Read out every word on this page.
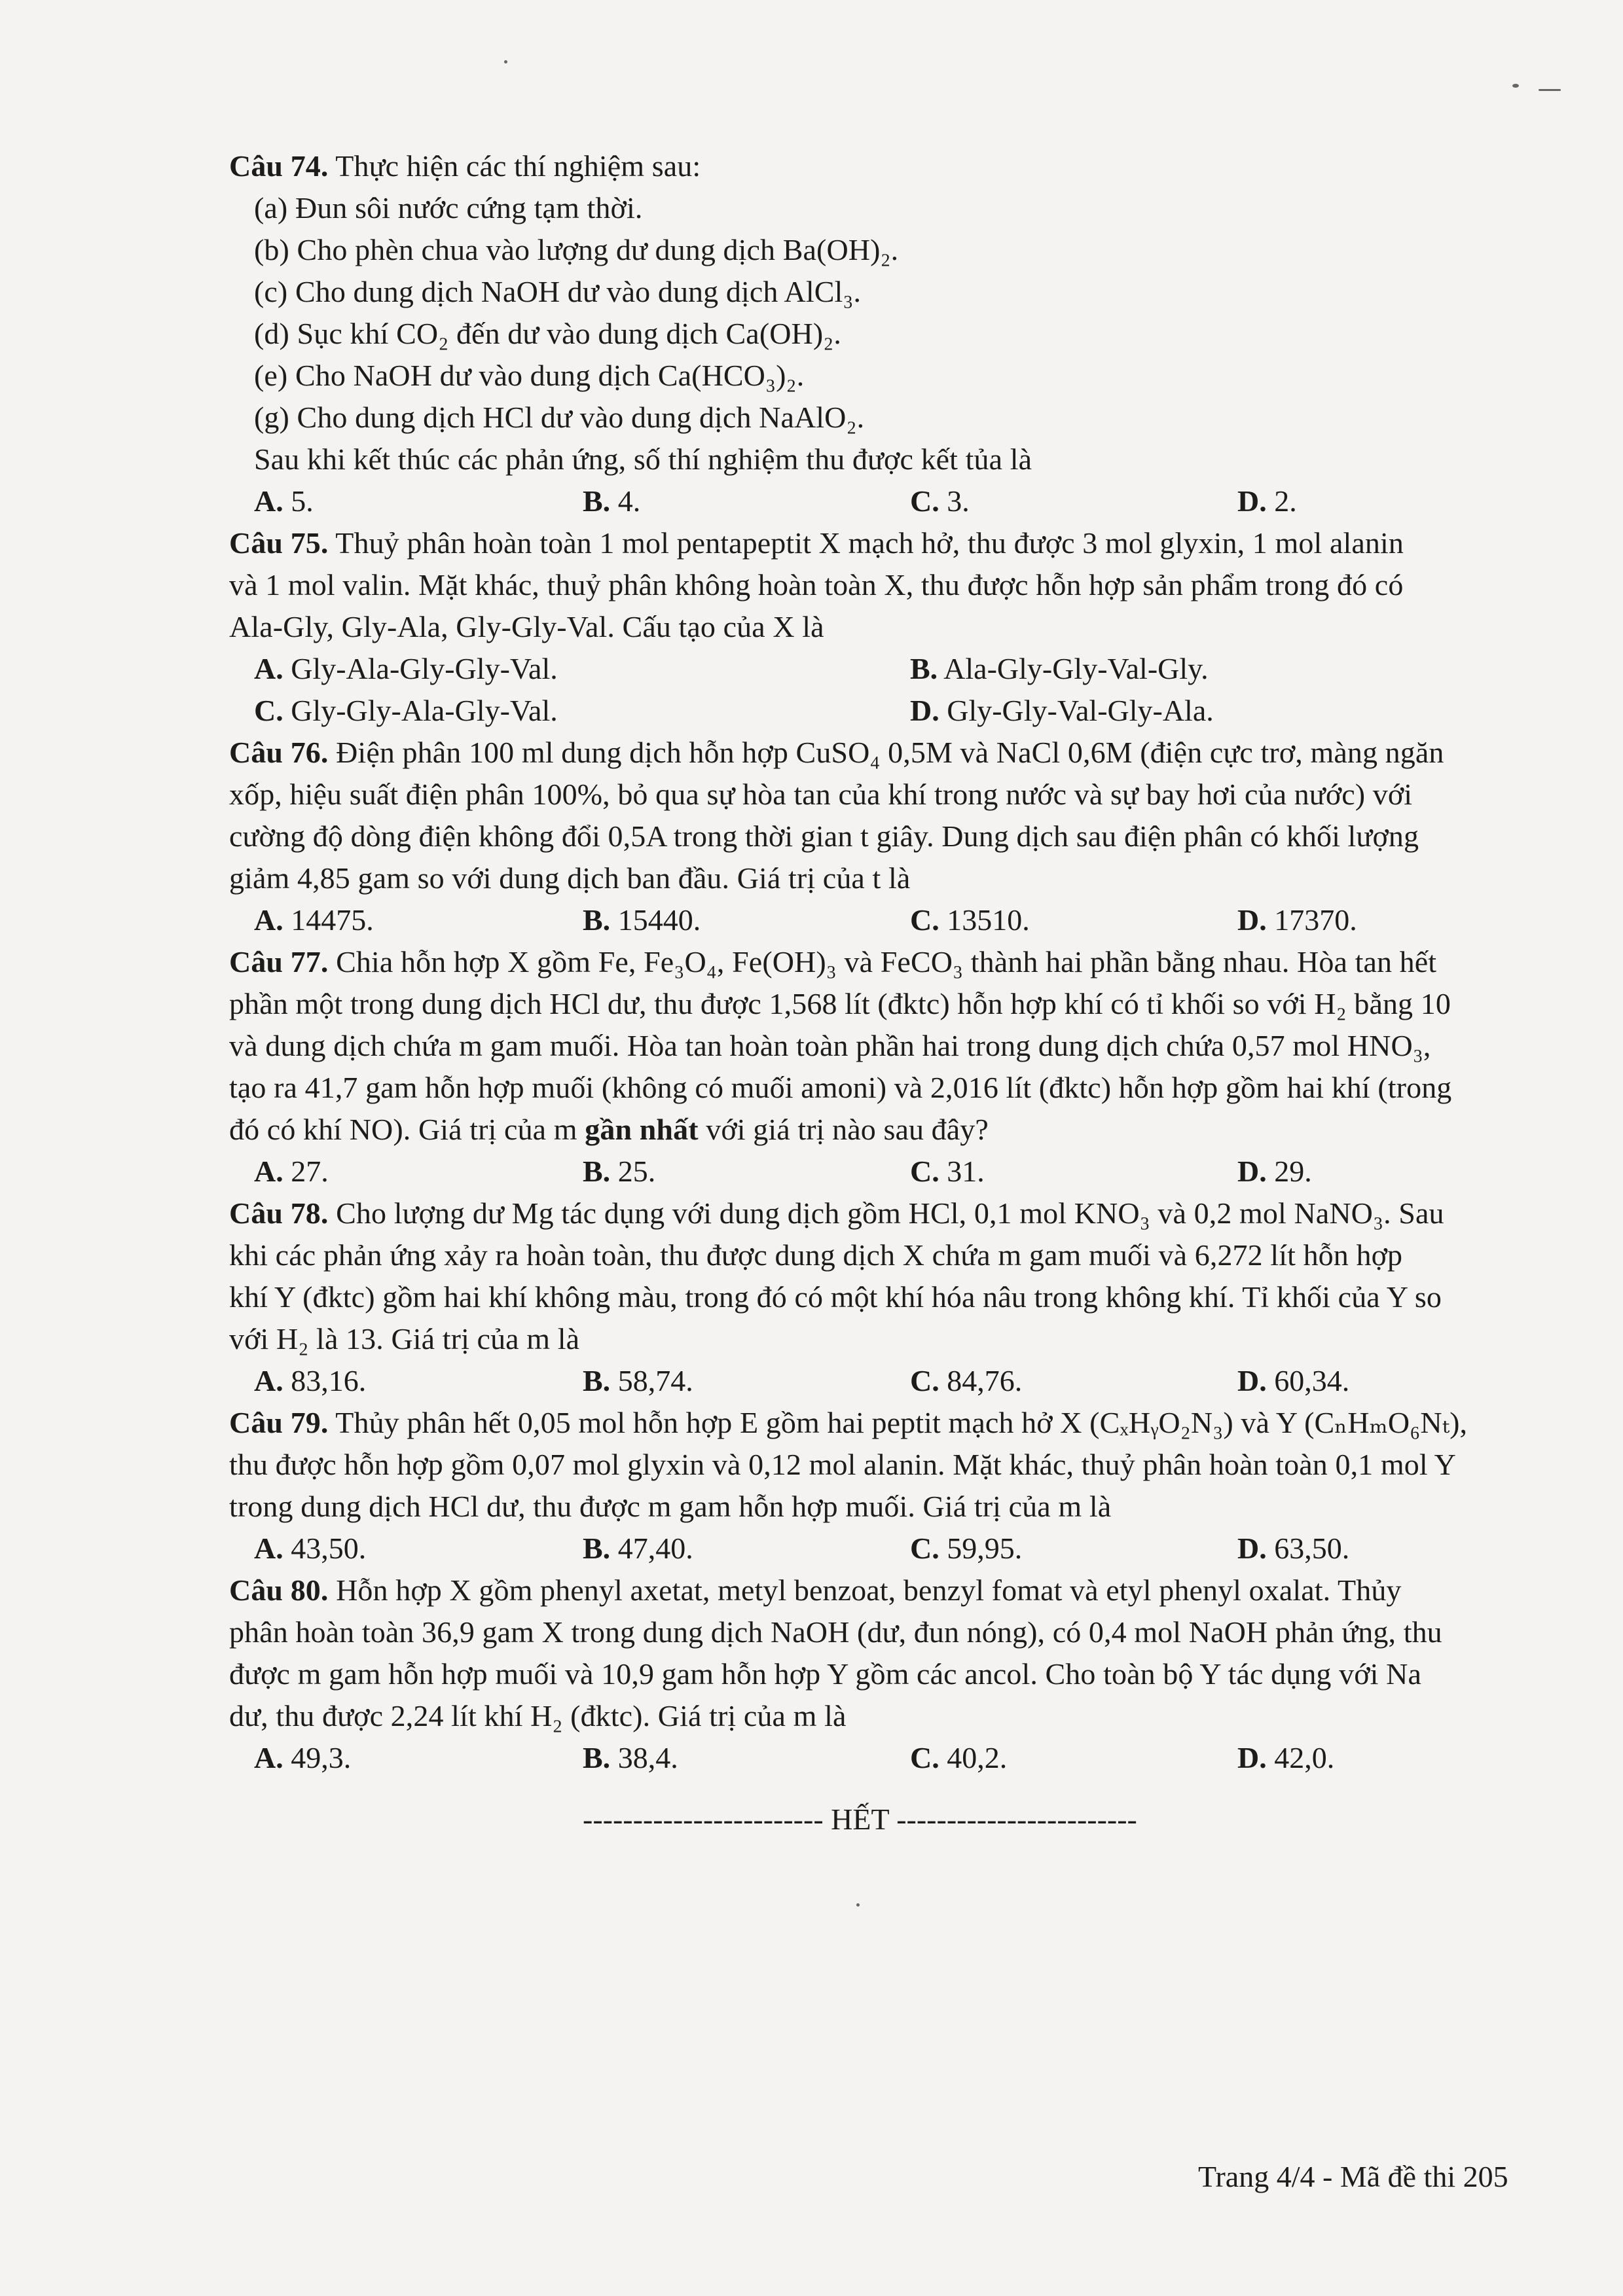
Câu 74. Thực hiện các thí nghiệm sau:
(a) Đun sôi nước cứng tạm thời.
(b) Cho phèn chua vào lượng dư dung dịch Ba(OH)₂.
(c) Cho dung dịch NaOH dư vào dung dịch AlCl₃.
(d) Sục khí CO₂ đến dư vào dung dịch Ca(OH)₂.
(e) Cho NaOH dư vào dung dịch Ca(HCO₃)₂.
(g) Cho dung dịch HCl dư vào dung dịch NaAlO₂.
Sau khi kết thúc các phản ứng, số thí nghiệm thu được kết tủa là
A. 5.	B. 4.	C. 3.	D. 2.
Câu 75. Thuỷ phân hoàn toàn 1 mol pentapeptit X mạch hở, thu được 3 mol glyxin, 1 mol alanin
và 1 mol valin. Mặt khác, thuỷ phân không hoàn toàn X, thu được hỗn hợp sản phẩm trong đó có
Ala-Gly, Gly-Ala, Gly-Gly-Val. Cấu tạo của X là
A. Gly-Ala-Gly-Gly-Val.	B. Ala-Gly-Gly-Val-Gly.
C. Gly-Gly-Ala-Gly-Val.	D. Gly-Gly-Val-Gly-Ala.
Câu 76. Điện phân 100 ml dung dịch hỗn hợp CuSO₄ 0,5M và NaCl 0,6M (điện cực trơ, màng ngăn
xốp, hiệu suất điện phân 100%, bỏ qua sự hòa tan của khí trong nước và sự bay hơi của nước) với
cường độ dòng điện không đổi 0,5A trong thời gian t giây. Dung dịch sau điện phân có khối lượng
giảm 4,85 gam so với dung dịch ban đầu. Giá trị của t là
A. 14475.	B. 15440.	C. 13510.	D. 17370.
Câu 77. Chia hỗn hợp X gồm Fe, Fe₃O₄, Fe(OH)₃ và FeCO₃ thành hai phần bằng nhau. Hòa tan hết
phần một trong dung dịch HCl dư, thu được 1,568 lít (đktc) hỗn hợp khí có tỉ khối so với H₂ bằng 10
và dung dịch chứa m gam muối. Hòa tan hoàn toàn phần hai trong dung dịch chứa 0,57 mol HNO₃,
tạo ra 41,7 gam hỗn hợp muối (không có muối amoni) và 2,016 lít (đktc) hỗn hợp gồm hai khí (trong
đó có khí NO). Giá trị của m gần nhất với giá trị nào sau đây?
A. 27.	B. 25.	C. 31.	D. 29.
Câu 78. Cho lượng dư Mg tác dụng với dung dịch gồm HCl, 0,1 mol KNO₃ và 0,2 mol NaNO₃. Sau
khi các phản ứng xảy ra hoàn toàn, thu được dung dịch X chứa m gam muối và 6,272 lít hỗn hợp
khí Y (đktc) gồm hai khí không màu, trong đó có một khí hóa nâu trong không khí. Tỉ khối của Y so
với H₂ là 13. Giá trị của m là
A. 83,16.	B. 58,74.	C. 84,76.	D. 60,34.
Câu 79. Thủy phân hết 0,05 mol hỗn hợp E gồm hai peptit mạch hở X (CₓHᵧO₂N₃) và Y (CₙHₘO₆Nₜ),
thu được hỗn hợp gồm 0,07 mol glyxin và 0,12 mol alanin. Mặt khác, thuỷ phân hoàn toàn 0,1 mol Y
trong dung dịch HCl dư, thu được m gam hỗn hợp muối. Giá trị của m là
A. 43,50.	B. 47,40.	C. 59,95.	D. 63,50.
Câu 80. Hỗn hợp X gồm phenyl axetat, metyl benzoat, benzyl fomat và etyl phenyl oxalat. Thủy
phân hoàn toàn 36,9 gam X trong dung dịch NaOH (dư, đun nóng), có 0,4 mol NaOH phản ứng, thu
được m gam hỗn hợp muối và 10,9 gam hỗn hợp Y gồm các ancol. Cho toàn bộ Y tác dụng với Na
dư, thu được 2,24 lít khí H₂ (đktc). Giá trị của m là
A. 49,3.	B. 38,4.	C. 40,2.	D. 42,0.
------------------------ HẾT ------------------------
Trang 4/4 - Mã đề thi 205
